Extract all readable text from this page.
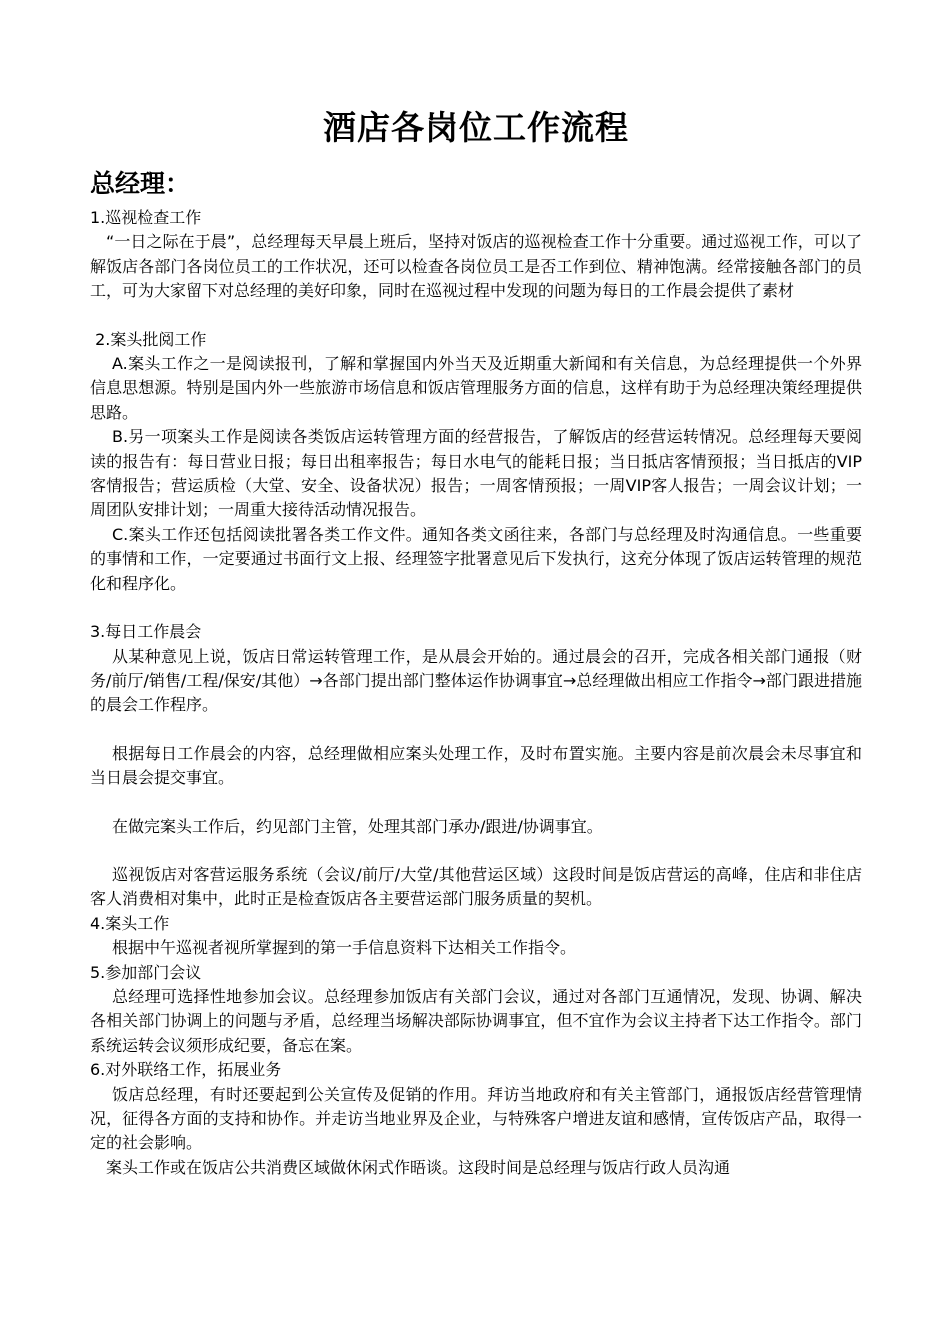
酒店各岗位工作流程
总经理：
1.巡视检查工作

“一日之际在于晨”，总经理每天早晨上班后，坚持对饭店的巡视检查工作十分重要。通过巡视工作，可以了解饭店各部门各岗位员工的工作状况，还可以检查各岗位员工是否工作到位、精神饱满。经常接触各部门的员工，可为大家留下对总经理的美好印象，同时在巡视过程中发现的问题为每日的工作晨会提供了素材

2.案头批阅工作

A.案头工作之一是阅读报刊，了解和掌握国内外当天及近期重大新闻和有关信息，为总经理提供一个外界信息思想源。特别是国内外一些旅游市场信息和饭店管理服务方面的信息，这样有助于为总经理决策经理提供思路。

B.另一项案头工作是阅读各类饭店运转管理方面的经营报告，了解饭店的经营运转情况。总经理每天要阅读的报告有：每日营业日报；每日出租率报告；每日水电气的能耗日报；当日抵店客情预报；当日抵店的VIP客情报告；营运质检（大堂、安全、设备状况）报告；一周客情预报；一周VIP客人报告；一周会议计划；一周团队安排计划；一周重大接待活动情况报告。

C.案头工作还包括阅读批署各类工作文件。通知各类文函往来，各部门与总经理及时沟通信息。一些重要的事情和工作，一定要通过书面行文上报、经理签字批署意见后下发执行，这充分体现了饭店运转管理的规范化和程序化。

3.每日工作晨会

从某种意见上说，饭店日常运转管理工作，是从晨会开始的。通过晨会的召开，完成各相关部门通报（财务/前厅/销售/工程/保安/其他）→各部门提出部门整体运作协调事宜→总经理做出相应工作指令→部门跟进措施的晨会工作程序。

根据每日工作晨会的内容，总经理做相应案头处理工作，及时布置实施。主要内容是前次晨会未尽事宜和当日晨会提交事宜。

在做完案头工作后，约见部门主管，处理其部门承办/跟进/协调事宜。

巡视饭店对客营运服务系统（会议/前厅/大堂/其他营运区域）这段时间是饭店营运的高峰，住店和非住店客人消费相对集中，此时正是检查饭店各主要营运部门服务质量的契机。

4.案头工作

根据中午巡视者视所掌握到的第一手信息资料下达相关工作指令。

5.参加部门会议

总经理可选择性地参加会议。总经理参加饭店有关部门会议，通过对各部门互通情况，发现、协调、解决各相关部门协调上的问题与矛盾，总经理当场解决部际协调事宜，但不宜作为会议主持者下达工作指令。部门系统运转会议须形成纪要，备忘在案。

6.对外联络工作，拓展业务

饭店总经理，有时还要起到公关宣传及促销的作用。拜访当地政府和有关主管部门，通报饭店经营管理情况，征得各方面的支持和协作。并走访当地业界及企业，与特殊客户增进友谊和感情，宣传饭店产品，取得一定的社会影响。

案头工作或在饭店公共消费区域做休闲式作晤谈。这段时间是总经理与饭店行政人员沟通
